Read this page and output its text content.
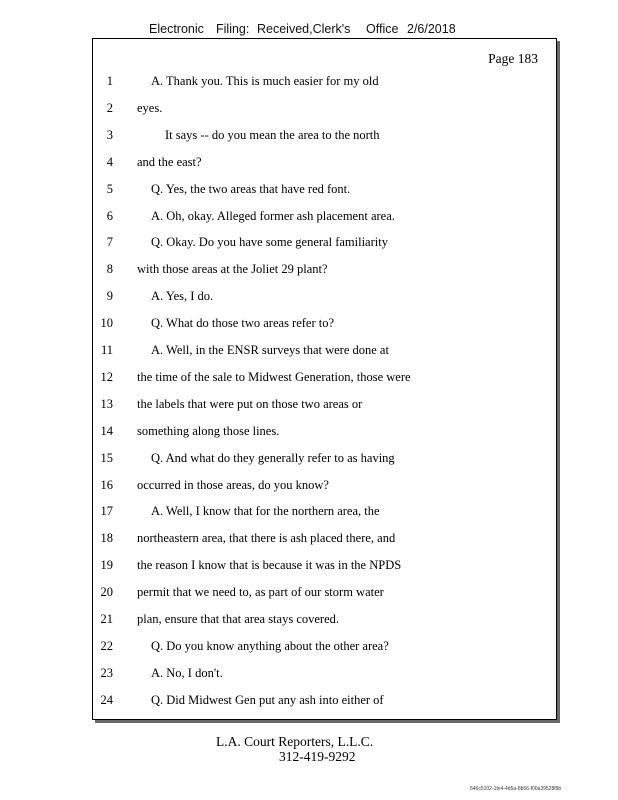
Electronic Filing: Received,Clerk's Office 2/6/2018
Page 183
1	A. Thank you. This is much easier for my old
2 eyes.
3	It says -- do you mean the area to the north
4 and the east?
5	Q. Yes, the two areas that have red font.
6	A. Oh, okay. Alleged former ash placement area.
7	Q. Okay. Do you have some general familiarity
8 with those areas at the Joliet 29 plant?
9	A. Yes, I do.
10	Q. What do those two areas refer to?
11	A. Well, in the ENSR surveys that were done at
12 the time of the sale to Midwest Generation, those were
13 the labels that were put on those two areas or
14 something along those lines.
15	Q. And what do they generally refer to as having
16 occurred in those areas, do you know?
17	A. Well, I know that for the northern area, the
18 northeastern area, that there is ash placed there, and
19 the reason I know that is because it was in the NPDS
20 permit that we need to, as part of our storm water
21 plan, ensure that that area stays covered.
22	Q. Do you know anything about the other area?
23	A. No, I don't.
24	Q. Did Midwest Gen put any ash into either of
L.A. Court Reporters, L.L.C.
312-419-9292
546c5102-1fe4-4d5a-8b56-f00a39528f9b
